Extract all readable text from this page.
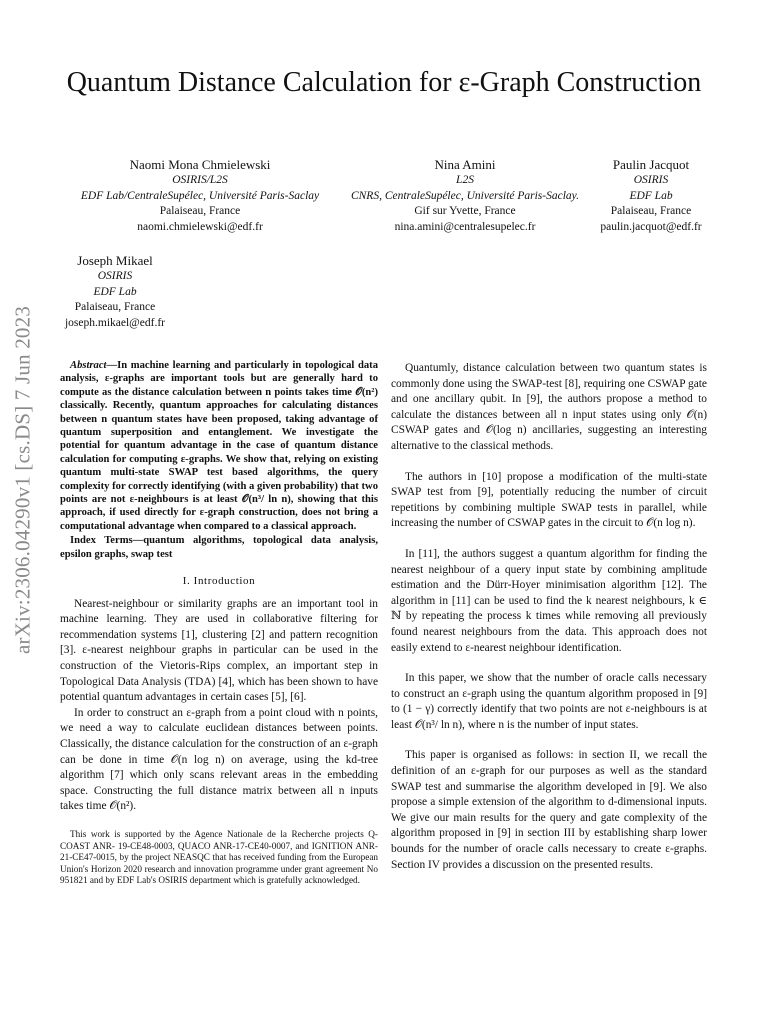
Quantum Distance Calculation for ε-Graph Construction
Naomi Mona Chmielewski
OSIRIS/L2S
EDF Lab/CentraleSupélec, Université Paris-Saclay
Palaiseau, France
naomi.chmielewski@edf.fr
Nina Amini
L2S
CNRS, CentraleSupélec, Université Paris-Saclay.
Gif sur Yvette, France
nina.amini@centralesupelec.fr
Paulin Jacquot
OSIRIS
EDF Lab
Palaiseau, France
paulin.jacquot@edf.fr
Joseph Mikael
OSIRIS
EDF Lab
Palaiseau, France
joseph.mikael@edf.fr
arXiv:2306.04290v1 [cs.DS] 7 Jun 2023	Abstract—In machine learning and particularly in topological data analysis, ε-graphs are important tools but are generally hard to compute as the distance calculation between n points takes time 𝒪(n²) classically. Recently, quantum approaches for calculating distances between n quantum states have been proposed, taking advantage of quantum superposition and entanglement. We investigate the potential for quantum advantage in the case of quantum distance calculation for computing ε-graphs. We show that, relying on existing quantum multi-state SWAP test based algorithms, the query complexity for correctly identifying (with a given probability) that two points are not ε-neighbours is at least 𝒪(n³/ ln n), showing that this approach, if used directly for ε-graph construction, does not bring a computational advantage when compared to a classical approach.

Index Terms—quantum algorithms, topological data analysis, epsilon graphs, swap test

I. Introduction

Nearest-neighbour or similarity graphs are an important tool in machine learning. They are used in collaborative filtering for recommendation systems [1], clustering [2] and pattern recognition [3]. ε-nearest neighbour graphs in particular can be used in the construction of the Vietoris-Rips complex, an important step in Topological Data Analysis (TDA) [4], which has been shown to have potential quantum advantages in certain cases [5], [6].

In order to construct an ε-graph from a point cloud with n points, we need a way to calculate euclidean distances between points. Classically, the distance calculation for the construction of an ε-graph can be done in time 𝒪(n log n) on average, using the kd-tree algorithm [7] which only scans relevant areas in the embedding space. Constructing the full distance matrix between all n inputs takes time 𝒪(n²).

This work is supported by the Agence Nationale de la Recherche projects Q-COAST ANR- 19-CE48-0003, QUACO ANR-17-CE40-0007, and IGNITION ANR-21-CE47-0015, by the project NEASQC that has received funding from the European Union's Horizon 2020 research and innovation programme under grant agreement No 951821 and by EDF Lab's OSIRIS department which is gratefully acknowledged.

Quantumly, distance calculation between two quantum states is commonly done using the SWAP-test [8], requiring one CSWAP gate and one ancillary qubit. In [9], the authors propose a method to calculate the distances between all n input states using only 𝒪(n) CSWAP gates and 𝒪(log n) ancillaries, suggesting an interesting alternative to the classical methods.

The authors in [10] propose a modification of the multi-state SWAP test from [9], potentially reducing the number of circuit repetitions by combining multiple SWAP tests in parallel, while increasing the number of CSWAP gates in the circuit to 𝒪(n log n).

In [11], the authors suggest a quantum algorithm for finding the nearest neighbour of a query input state by combining amplitude estimation and the Dürr-Hoyer minimisation algorithm [12]. The algorithm in [11] can be used to find the k nearest neighbours, k ∈ ℕ by repeating the process k times while removing all previously found nearest neighbours from the data. This approach does not easily extend to ε-nearest neighbour identification.

In this paper, we show that the number of oracle calls necessary to construct an ε-graph using the quantum algorithm proposed in [9] to (1 − γ) correctly identify that two points are not ε-neighbours is at least 𝒪(n³/ ln n), where n is the number of input states.

This paper is organised as follows: in section II, we recall the definition of an ε-graph for our purposes as well as the standard SWAP test and summarise the algorithm developed in [9]. We also propose a simple extension of the algorithm to d-dimensional inputs. We give our main results for the query and gate complexity of the algorithm proposed in [9] in section III by establishing sharp lower bounds for the number of oracle calls necessary to create ε-graphs. Section IV provides a discussion on the presented results.
